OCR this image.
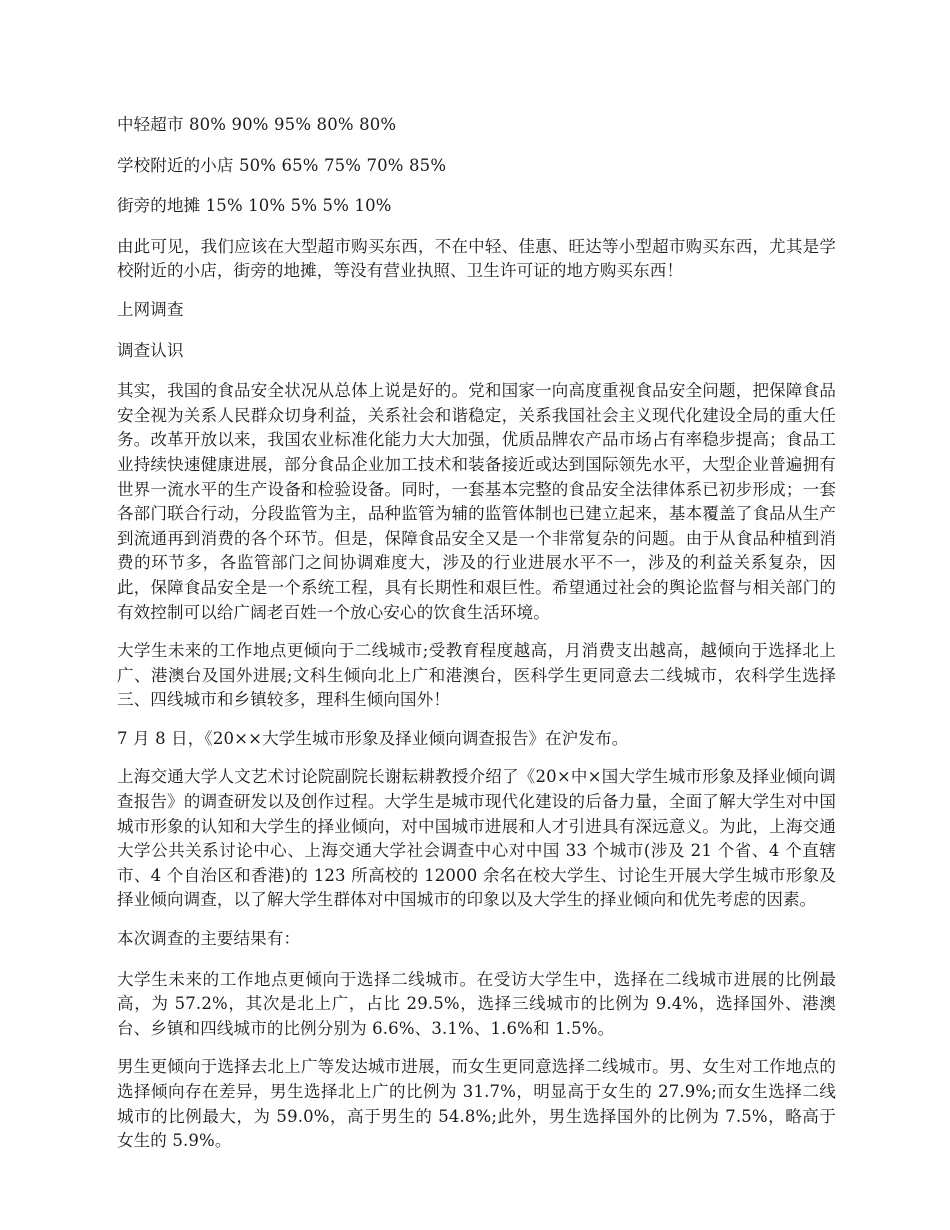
中轻超市 80% 90% 95% 80% 80%

学校附近的小店 50% 65% 75% 70% 85%

街旁的地摊 15% 10% 5% 5% 10%

由此可见，我们应该在大型超市购买东西，不在中轻、佳惠、旺达等小型超市购买东西，尤其是学校附近的小店，街旁的地摊，等没有营业执照、卫生许可证的地方购买东西！

上网调查

调查认识

其实，我国的食品安全状况从总体上说是好的。党和国家一向高度重视食品安全问题，把保障食品安全视为关系人民群众切身利益，关系社会和谐稳定，关系我国社会主义现代化建设全局的重大任务。改革开放以来，我国农业标准化能力大大加强，优质品牌农产品市场占有率稳步提高；食品工业持续快速健康进展，部分食品企业加工技术和装备接近或达到国际领先水平，大型企业普遍拥有世界一流水平的生产设备和检验设备。同时，一套基本完整的食品安全法律体系已初步形成；一套各部门联合行动，分段监管为主，品种监管为辅的监管体制也已建立起来，基本覆盖了食品从生产到流通再到消费的各个环节。但是，保障食品安全又是一个非常复杂的问题。由于从食品种植到消费的环节多，各监管部门之间协调难度大，涉及的行业进展水平不一，涉及的利益关系复杂，因此，保障食品安全是一个系统工程，具有长期性和艰巨性。希望通过社会的舆论监督与相关部门的有效控制可以给广阔老百姓一个放心安心的饮食生活环境。

大学生未来的工作地点更倾向于二线城市;受教育程度越高，月消费支出越高，越倾向于选择北上广、港澳台及国外进展;文科生倾向北上广和港澳台，医科学生更同意去二线城市，农科学生选择三、四线城市和乡镇较多，理科生倾向国外！

7 月 8 日，《20××大学生城市形象及择业倾向调查报告》在沪发布。

上海交通大学人文艺术讨论院副院长谢耘耕教授介绍了《20×中×国大学生城市形象及择业倾向调查报告》的调查研发以及创作过程。大学生是城市现代化建设的后备力量，全面了解大学生对中国城市形象的认知和大学生的择业倾向，对中国城市进展和人才引进具有深远意义。为此，上海交通大学公共关系讨论中心、上海交通大学社会调查中心对中国 33 个城市(涉及 21 个省、4 个直辖市、4 个自治区和香港)的 123 所高校的 12000 余名在校大学生、讨论生开展大学生城市形象及择业倾向调查，以了解大学生群体对中国城市的印象以及大学生的择业倾向和优先考虑的因素。

本次调查的主要结果有：

大学生未来的工作地点更倾向于选择二线城市。在受访大学生中，选择在二线城市进展的比例最高，为 57.2%，其次是北上广，占比 29.5%，选择三线城市的比例为 9.4%，选择国外、港澳台、乡镇和四线城市的比例分别为 6.6%、3.1%、1.6%和 1.5%。

男生更倾向于选择去北上广等发达城市进展，而女生更同意选择二线城市。男、女生对工作地点的选择倾向存在差异，男生选择北上广的比例为 31.7%，明显高于女生的 27.9%;而女生选择二线城市的比例最大，为 59.0%，高于男生的 54.8%;此外，男生选择国外的比例为 7.5%，略高于女生的 5.9%。
